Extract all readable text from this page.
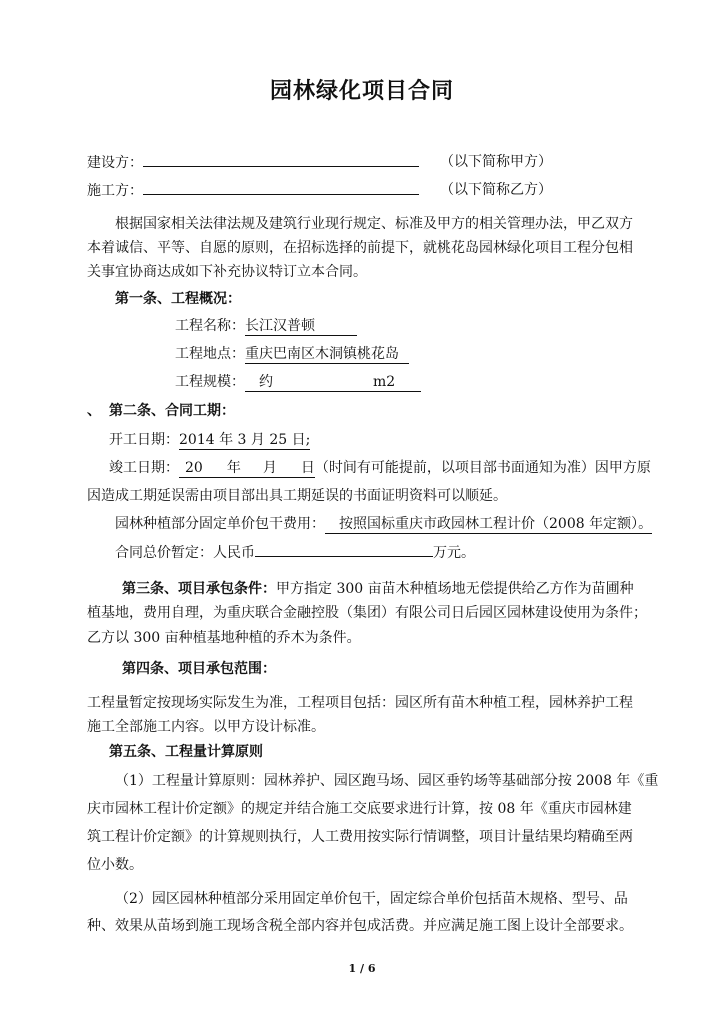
园林绿化项目合同
建设方：	（以下简称甲方）
施工方：	（以下简称乙方）
根据国家相关法律法规及建筑行业现行规定、标准及甲方的相关管理办法，甲乙双方
本着诚信、平等、自愿的原则，在招标选择的前提下，就桃花岛园林绿化项目工程分包相
关事宜协商达成如下补充协议特订立本合同。
第一条、工程概况：
工程名称：长江汉普顿
工程地点：重庆巴南区木洞镇桃花岛
工程规模： 约	m2
、 第二条、合同工期：
开工日期：2014 年 3 月 25 日;
竣工日期： 20 年 月 日（时间有可能提前，以项目部书面通知为准）因甲方原
因造成工期延误需由项目部出具工期延误的书面证明资料可以顺延。
园林种植部分固定单价包干费用： 按照国标重庆市政园林工程计价（2008 年定额）。
合同总价暂定：人民币	万元。
第三条、项目承包条件：甲方指定 300 亩苗木种植场地无偿提供给乙方作为苗圃种
植基地，费用自理，为重庆联合金融控股（集团）有限公司日后园区园林建设使用为条件；
乙方以 300 亩种植基地种植的乔木为条件。
第四条、项目承包范围：
工程量暂定按现场实际发生为准，工程项目包括：园区所有苗木种植工程，园林养护工程
施工全部施工内容。以甲方设计标准。
第五条、工程量计算原则
（1）工程量计算原则：园林养护、园区跑马场、园区垂钓场等基础部分按 2008 年《重
庆市园林工程计价定额》的规定并结合施工交底要求进行计算，按 08 年《重庆市园林建
筑工程计价定额》的计算规则执行，人工费用按实际行情调整，项目计量结果均精确至两
位小数。
（2）园区园林种植部分采用固定单价包干，固定综合单价包括苗木规格、型号、品
种、效果从苗场到施工现场含税全部内容并包成活费。并应满足施工图上设计全部要求。
1 / 6
